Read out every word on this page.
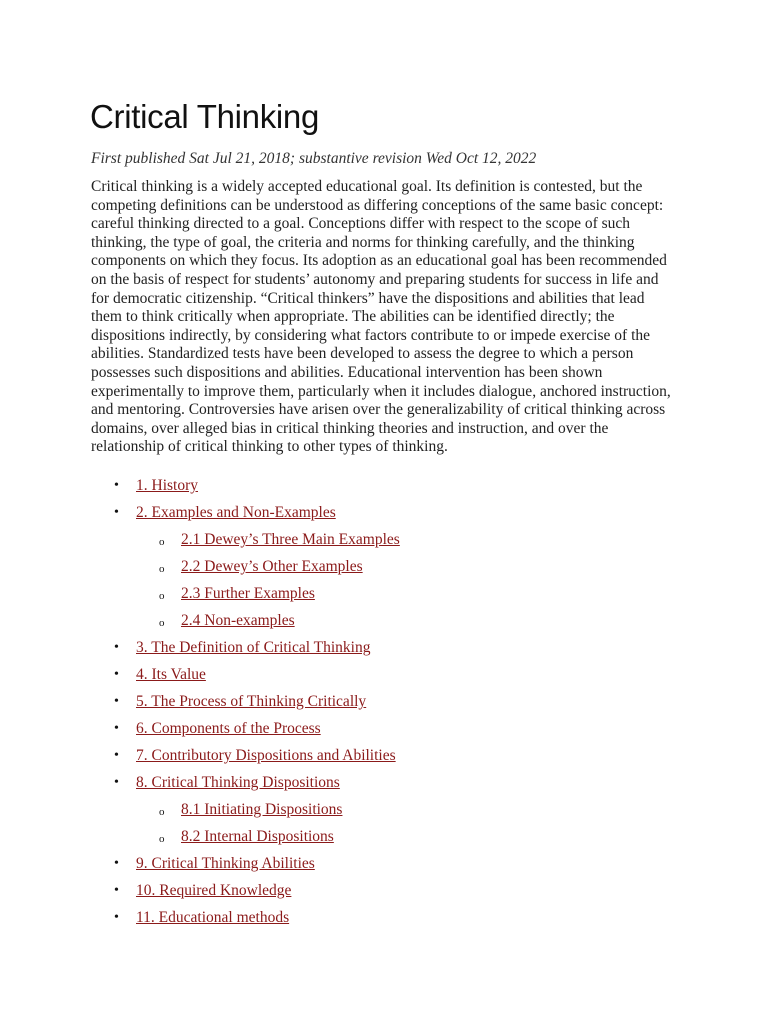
Critical Thinking
First published Sat Jul 21, 2018; substantive revision Wed Oct 12, 2022
Critical thinking is a widely accepted educational goal. Its definition is contested, but the
competing definitions can be understood as differing conceptions of the same basic concept:
careful thinking directed to a goal. Conceptions differ with respect to the scope of such
thinking, the type of goal, the criteria and norms for thinking carefully, and the thinking
components on which they focus. Its adoption as an educational goal has been recommended
on the basis of respect for students’ autonomy and preparing students for success in life and
for democratic citizenship. “Critical thinkers” have the dispositions and abilities that lead
them to think critically when appropriate. The abilities can be identified directly; the
dispositions indirectly, by considering what factors contribute to or impede exercise of the
abilities. Standardized tests have been developed to assess the degree to which a person
possesses such dispositions and abilities. Educational intervention has been shown
experimentally to improve them, particularly when it includes dialogue, anchored instruction,
and mentoring. Controversies have arisen over the generalizability of critical thinking across
domains, over alleged bias in critical thinking theories and instruction, and over the
relationship of critical thinking to other types of thinking.
• 1. History
• 2. Examples and Non-Examples
o 2.1 Dewey’s Three Main Examples
o 2.2 Dewey’s Other Examples
o 2.3 Further Examples
o 2.4 Non-examples
• 3. The Definition of Critical Thinking
• 4. Its Value
• 5. The Process of Thinking Critically
• 6. Components of the Process
• 7. Contributory Dispositions and Abilities
• 8. Critical Thinking Dispositions
o 8.1 Initiating Dispositions
o 8.2 Internal Dispositions
• 9. Critical Thinking Abilities
• 10. Required Knowledge
• 11. Educational methods
